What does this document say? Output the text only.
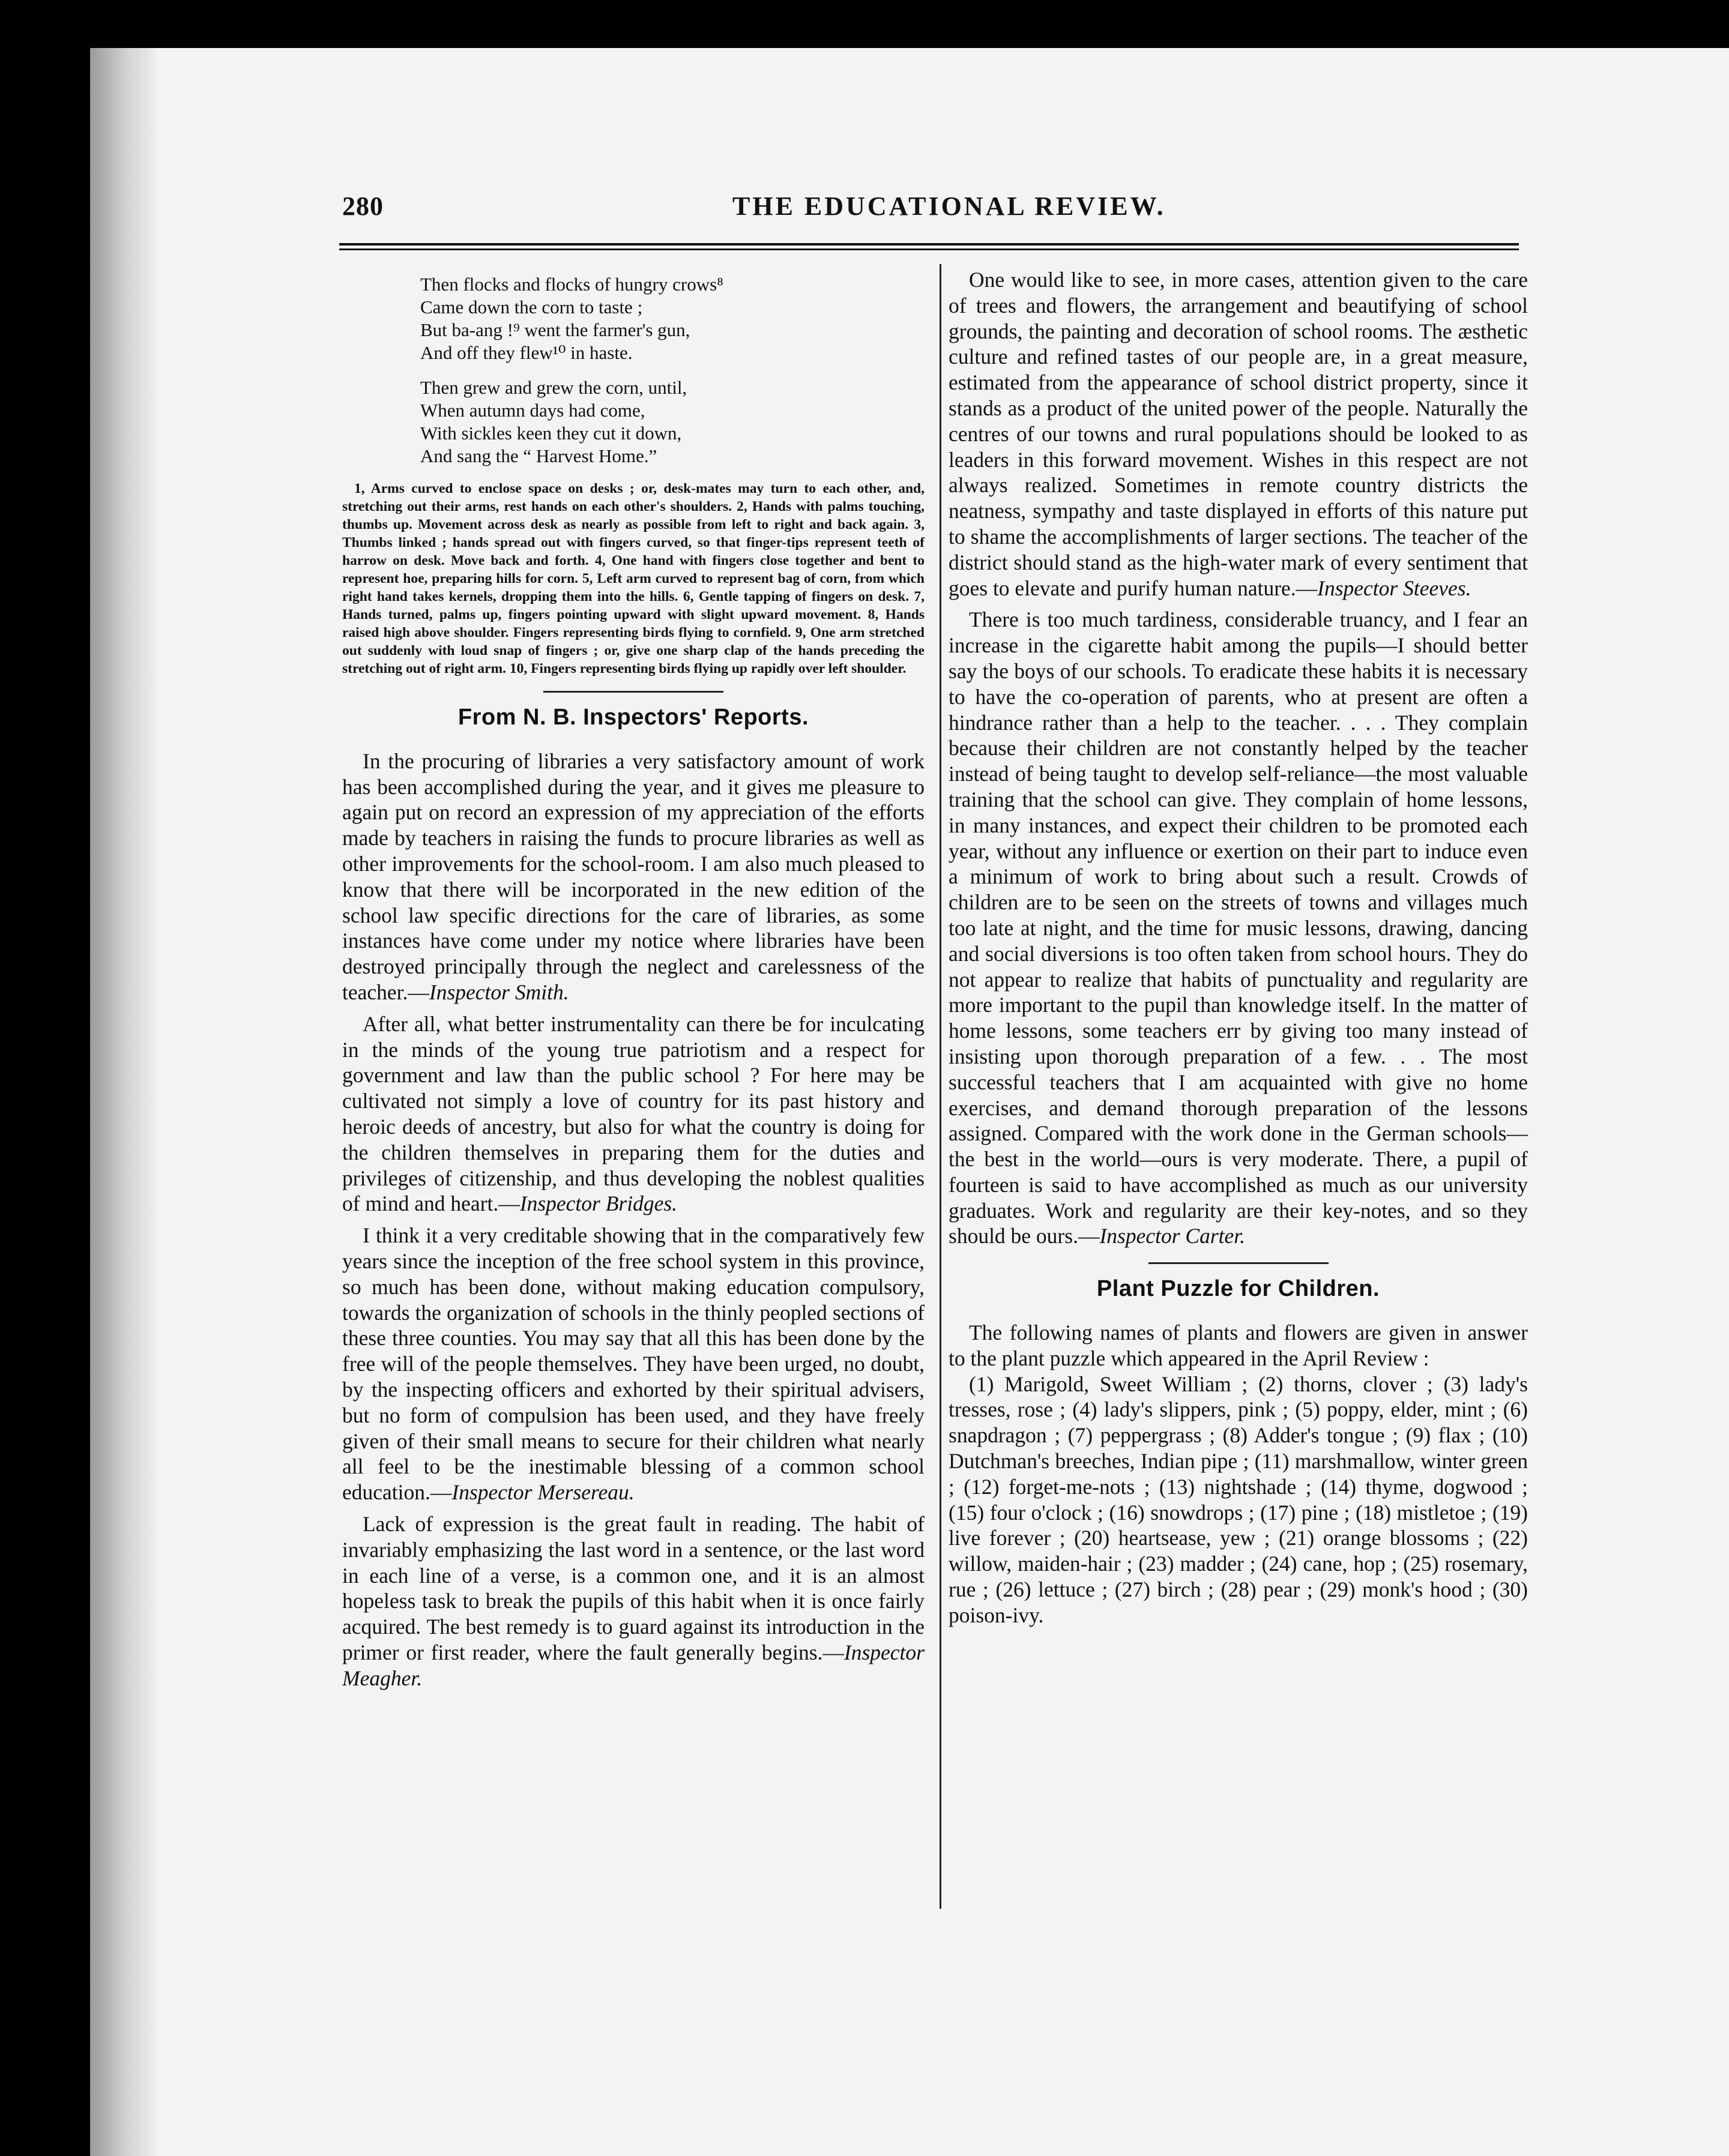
280	THE EDUCATIONAL REVIEW.
Then flocks and flocks of hungry crows⁸
Came down the corn to taste ;
But ba-ang !⁹ went the farmer's gun,
And off they flew¹⁰ in haste.
Then grew and grew the corn, until,
When autumn days had come,
With sickles keen they cut it down,
And sang the “ Harvest Home.”

1, Arms curved to enclose space on desks ; or, desk-mates may turn to each other, and, stretching out their arms, rest hands on each other's shoulders. 2, Hands with palms touching, thumbs up. Movement across desk as nearly as possible from left to right and back again. 3, Thumbs linked ; hands spread out with fingers curved, so that finger-tips represent teeth of harrow on desk. Move back and forth. 4, One hand with fingers close together and bent to represent hoe, preparing hills for corn. 5, Left arm curved to represent bag of corn, from which right hand takes kernels, dropping them into the hills. 6, Gentle tapping of fingers on desk. 7, Hands turned, palms up, fingers pointing upward with slight upward movement. 8, Hands raised high above shoulder. Fingers representing birds flying to cornfield. 9, One arm stretched out suddenly with loud snap of fingers ; or, give one sharp clap of the hands preceding the stretching out of right arm. 10, Fingers representing birds flying up rapidly over left shoulder.

From N. B. Inspectors' Reports.

In the procuring of libraries a very satisfactory amount of work has been accomplished during the year, and it gives me pleasure to again put on record an expression of my appreciation of the efforts made by teachers in raising the funds to procure libraries as well as other improvements for the school-room. I am also much pleased to know that there will be incorporated in the new edition of the school law specific directions for the care of libraries, as some instances have come under my notice where libraries have been destroyed principally through the neglect and carelessness of the teacher.—Inspector Smith.

After all, what better instrumentality can there be for inculcating in the minds of the young true patriotism and a respect for government and law than the public school ? For here may be cultivated not simply a love of country for its past history and heroic deeds of ancestry, but also for what the country is doing for the children themselves in preparing them for the duties and privileges of citizenship, and thus developing the noblest qualities of mind and heart.—Inspector Bridges.

I think it a very creditable showing that in the comparatively few years since the inception of the free school system in this province, so much has been done, without making education compulsory, towards the organization of schools in the thinly peopled sections of these three counties. You may say that all this has been done by the free will of the people themselves. They have been urged, no doubt, by the inspecting officers and exhorted by their spiritual advisers, but no form of compulsion has been used, and they have freely given of their small means to secure for their children what nearly all feel to be the inestimable blessing of a common school education.—Inspector Mersereau.

Lack of expression is the great fault in reading. The habit of invariably emphasizing the last word in a sentence, or the last word in each line of a verse, is a common one, and it is an almost hopeless task to break the pupils of this habit when it is once fairly acquired. The best remedy is to guard against its introduction in the primer or first reader, where the fault generally begins.—Inspector Meagher.

One would like to see, in more cases, attention given to the care of trees and flowers, the arrangement and beautifying of school grounds, the painting and decoration of school rooms. The æsthetic culture and refined tastes of our people are, in a great measure, estimated from the appearance of school district property, since it stands as a product of the united power of the people. Naturally the centres of our towns and rural populations should be looked to as leaders in this forward movement. Wishes in this respect are not always realized. Sometimes in remote country districts the neatness, sympathy and taste displayed in efforts of this nature put to shame the accomplishments of larger sections. The teacher of the district should stand as the high-water mark of every sentiment that goes to elevate and purify human nature.—Inspector Steeves.

There is too much tardiness, considerable truancy, and I fear an increase in the cigarette habit among the pupils—I should better say the boys of our schools. To eradicate these habits it is necessary to have the co-operation of parents, who at present are often a hindrance rather than a help to the teacher. . . . They complain because their children are not constantly helped by the teacher instead of being taught to develop self-reliance—the most valuable training that the school can give. They complain of home lessons, in many instances, and expect their children to be promoted each year, without any influence or exertion on their part to induce even a minimum of work to bring about such a result. Crowds of children are to be seen on the streets of towns and villages much too late at night, and the time for music lessons, drawing, dancing and social diversions is too often taken from school hours. They do not appear to realize that habits of punctuality and regularity are more important to the pupil than knowledge itself. In the matter of home lessons, some teachers err by giving too many instead of insisting upon thorough preparation of a few. . . The most successful teachers that I am acquainted with give no home exercises, and demand thorough preparation of the lessons assigned. Compared with the work done in the German schools—the best in the world—ours is very moderate. There, a pupil of fourteen is said to have accomplished as much as our university graduates. Work and regularity are their key-notes, and so they should be ours.—Inspector Carter.

Plant Puzzle for Children.

The following names of plants and flowers are given in answer to the plant puzzle which appeared in the April Review :

(1) Marigold, Sweet William ; (2) thorns, clover ; (3) lady's tresses, rose ; (4) lady's slippers, pink ; (5) poppy, elder, mint ; (6) snapdragon ; (7) peppergrass ; (8) Adder's tongue ; (9) flax ; (10) Dutchman's breeches, Indian pipe ; (11) marshmallow, winter green ; (12) forget-me-nots ; (13) nightshade ; (14) thyme, dogwood ; (15) four o'clock ; (16) snowdrops ; (17) pine ; (18) mistletoe ; (19) live forever ; (20) heartsease, yew ; (21) orange blossoms ; (22) willow, maiden-hair ; (23) madder ; (24) cane, hop ; (25) rosemary, rue ; (26) lettuce ; (27) birch ; (28) pear ; (29) monk's hood ; (30) poison-ivy.
